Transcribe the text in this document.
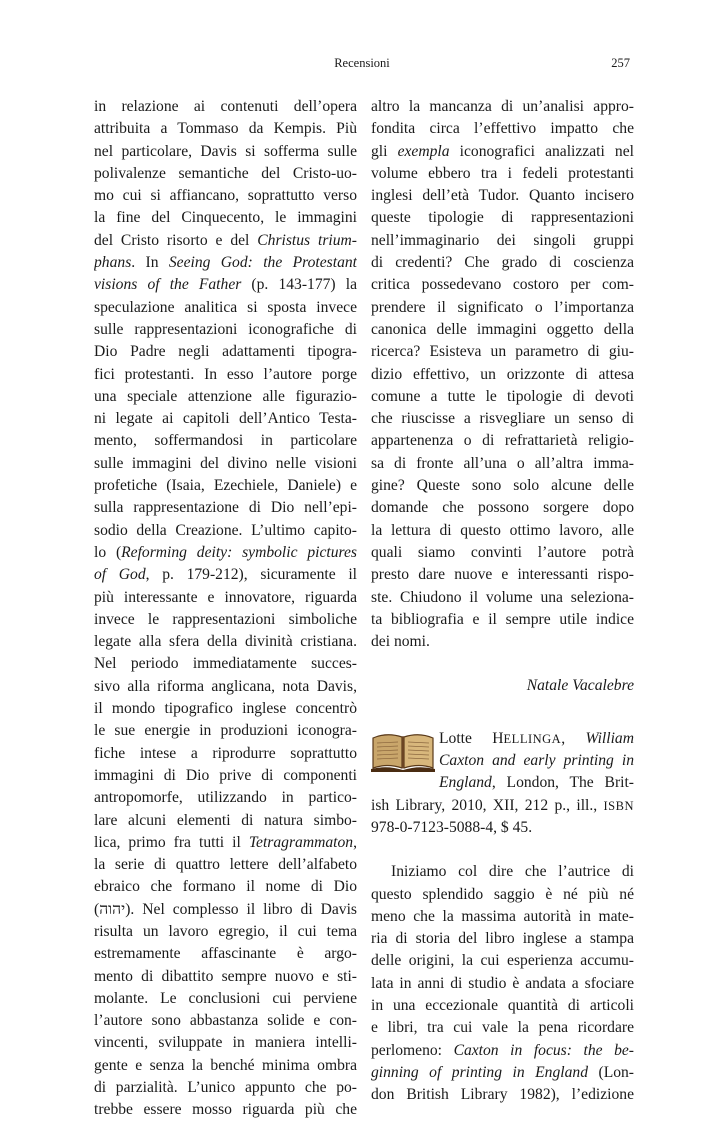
Recensioni	257
in relazione ai contenuti dell’opera
attribuita a Tommaso da Kempis. Più
nel particolare, Davis si sofferma sulle
polivalenze semantiche del Cristo-uo-
mo cui si affiancano, soprattutto verso
la fine del Cinquecento, le immagini
del Cristo risorto e del Christus trium-
phans. In Seeing God: the Protestant
visions of the Father (p. 143-177) la
speculazione analitica si sposta invece
sulle rappresentazioni iconografiche di
Dio Padre negli adattamenti tipogra-
fici protestanti. In esso l’autore porge
una speciale attenzione alle figurazio-
ni legate ai capitoli dell’Antico Testa-
mento, soffermandosi in particolare
sulle immagini del divino nelle visioni
profetiche (Isaia, Ezechiele, Daniele) e
sulla rappresentazione di Dio nell’epi-
sodio della Creazione. L’ultimo capito-
lo (Reforming deity: symbolic pictures
of God, p. 179-212), sicuramente il
più interessante e innovatore, riguarda
invece le rappresentazioni simboliche
legate alla sfera della divinità cristiana.
Nel periodo immediatamente succes-
sivo alla riforma anglicana, nota Davis,
il mondo tipografico inglese concentrò
le sue energie in produzioni iconogra-
fiche intese a riprodurre soprattutto
immagini di Dio prive di componenti
antropomorfe, utilizzando in partico-
lare alcuni elementi di natura simbo-
lica, primo fra tutti il Tetragrammaton,
la serie di quattro lettere dell’alfabeto
ebraico che formano il nome di Dio
(יהוה). Nel complesso il libro di Davis
risulta un lavoro egregio, il cui tema
estremamente affascinante è argo-
mento di dibattito sempre nuovo e sti-
molante. Le conclusioni cui perviene
l’autore sono abbastanza solide e con-
vincenti, sviluppate in maniera intelli-
gente e senza la benché minima ombra
di parzialità. L’unico appunto che po-
trebbe essere mosso riguarda più che
altro la mancanza di un’analisi appro-
fondita circa l’effettivo impatto che
gli exempla iconografici analizzati nel
volume ebbero tra i fedeli protestanti
inglesi dell’età Tudor. Quanto incisero
queste tipologie di rappresentazioni
nell’immaginario dei singoli gruppi
di credenti? Che grado di coscienza
critica possedevano costoro per com-
prendere il significato o l’importanza
canonica delle immagini oggetto della
ricerca? Esisteva un parametro di giu-
dizio effettivo, un orizzonte di attesa
comune a tutte le tipologie di devoti
che riuscisse a risvegliare un senso di
appartenenza o di refrattarietà religio-
sa di fronte all’una o all’altra imma-
gine? Queste sono solo alcune delle
domande che possono sorgere dopo
la lettura di questo ottimo lavoro, alle
quali siamo convinti l’autore potrà
presto dare nuove e interessanti rispo-
ste. Chiudono il volume una seleziona-
ta bibliografia e il sempre utile indice
dei nomi.
Natale Vacalebre
Lotte HELLINGA, William
Caxton and early printing in
England, London, The Brit-
ish Library, 2010, XII, 212 p., ill., ISBN
978-0-7123-5088-4, $ 45.
Iniziamo col dire che l’autrice di
questo splendido saggio è né più né
meno che la massima autorità in mate-
ria di storia del libro inglese a stampa
delle origini, la cui esperienza accumu-
lata in anni di studio è andata a sfociare
in una eccezionale quantità di articoli
e libri, tra cui vale la pena ricordare
perlomeno: Caxton in focus: the be-
ginning of printing in England (Lon-
don British Library 1982), l’edizione
